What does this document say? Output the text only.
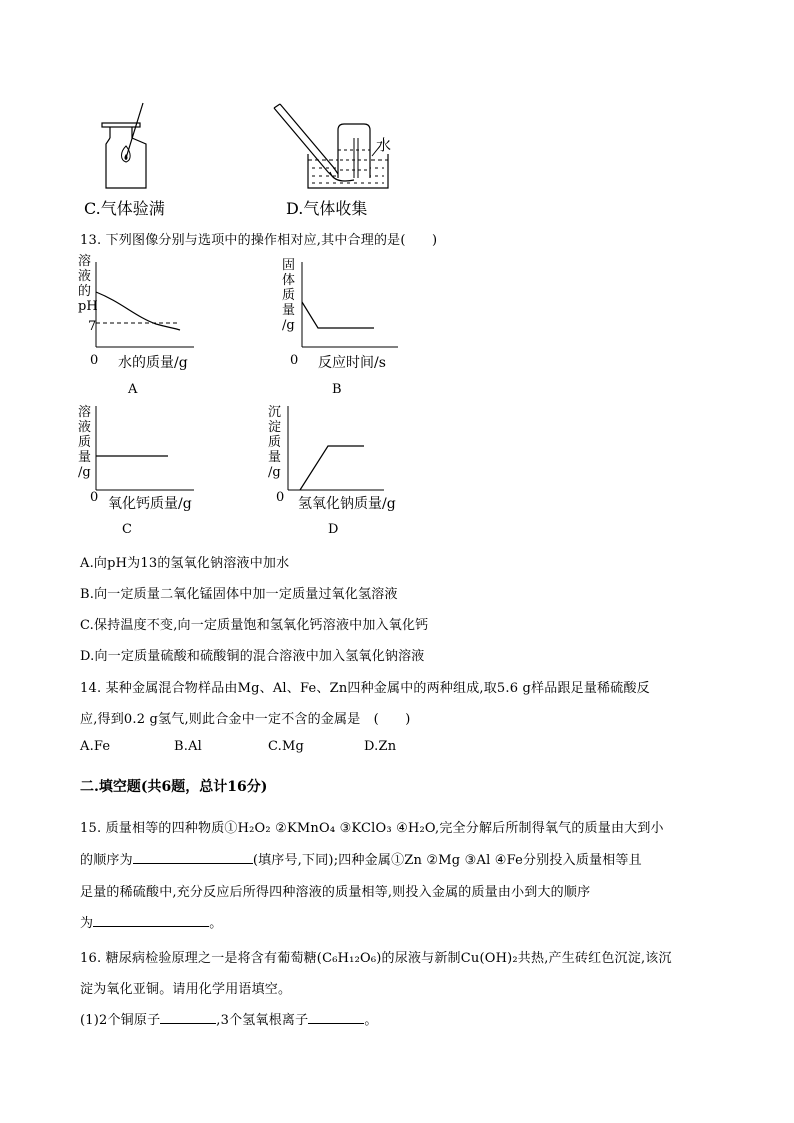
C.气体验满
水
D.气体收集
13. 下列图像分别与选项中的操作相对应,其中合理的是(　　)
溶
液
的
pH
7
0 水的质量/g
A
固
体
质
量
/g
0 反应时间/s
B
溶
液
质
量
/g
0 氧化钙质量/g
C
沉
淀
质
量
/g
0 氢氧化钠质量/g
D
A.向pH为13的氢氧化钠溶液中加水
B.向一定质量二氧化锰固体中加一定质量过氧化氢溶液
C.保持温度不变,向一定质量饱和氢氧化钙溶液中加入氧化钙
D.向一定质量硫酸和硫酸铜的混合溶液中加入氢氧化钠溶液
14. 某种金属混合物样品由Mg、Al、Fe、Zn四种金属中的两种组成,取5.6 g样品跟足量稀硫酸反
应,得到0.2 g氢气,则此合金中一定不含的金属是　(　　)
A.Fe	B.Al	C.Mg	D.Zn
二.填空题(共6题，总计16分)
15. 质量相等的四种物质①H₂O₂ ②KMnO₄ ③KClO₃ ④H₂O,完全分解后所制得氧气的质量由大到小
的顺序为	(填序号,下同);四种金属①Zn ②Mg ③Al ④Fe分别投入质量相等且
足量的稀硫酸中,充分反应后所得四种溶液的质量相等,则投入金属的质量由小到大的顺序
为	。
16. 糖尿病检验原理之一是将含有葡萄糖(C₆H₁₂O₆)的尿液与新制Cu(OH)₂共热,产生砖红色沉淀,该沉
淀为氧化亚铜。请用化学用语填空。
(1)2个铜原子	,3个氢氧根离子	。
